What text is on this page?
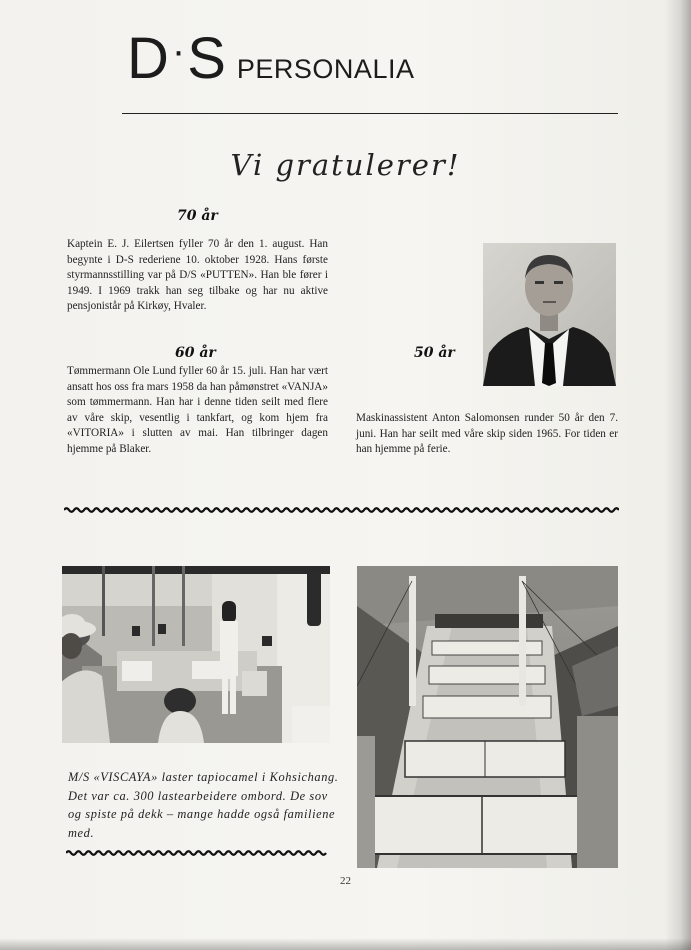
D · S PERSONALIA
Vi gratulerer!
70 år
Kaptein E. J. Eilertsen fyller 70 år den 1. august. Han begynte i D-S rederiene 10. oktober 1928. Hans første styrmannsstilling var på D/S «PUTTEN». Han ble fører i 1949. I 1969 trakk han seg tilbake og har nu aktive pensjonistår på Kirkøy, Hvaler.
60 år
Tømmermann Ole Lund fyller 60 år 15. juli. Han har vært ansatt hos oss fra mars 1958 da han påmønstret «VANJA» som tømmermann. Han har i denne tiden seilt med flere av våre skip, vesentlig i tankfart, og kom hjem fra «VITORIA» i slutten av mai. Han tilbringer dagen hjemme på Blaker.
50 år
Maskinassistent Anton Salomonsen runder 50 år den 7. juni. Han har seilt med våre skip siden 1965. For tiden er han hjemme på ferie.
M/S «VISCAYA» laster tapiocamel i Kohsichang. Det var ca. 300 lastearbeidere ombord. De sov og spiste på dekk – mange hadde også familiene med.
22
